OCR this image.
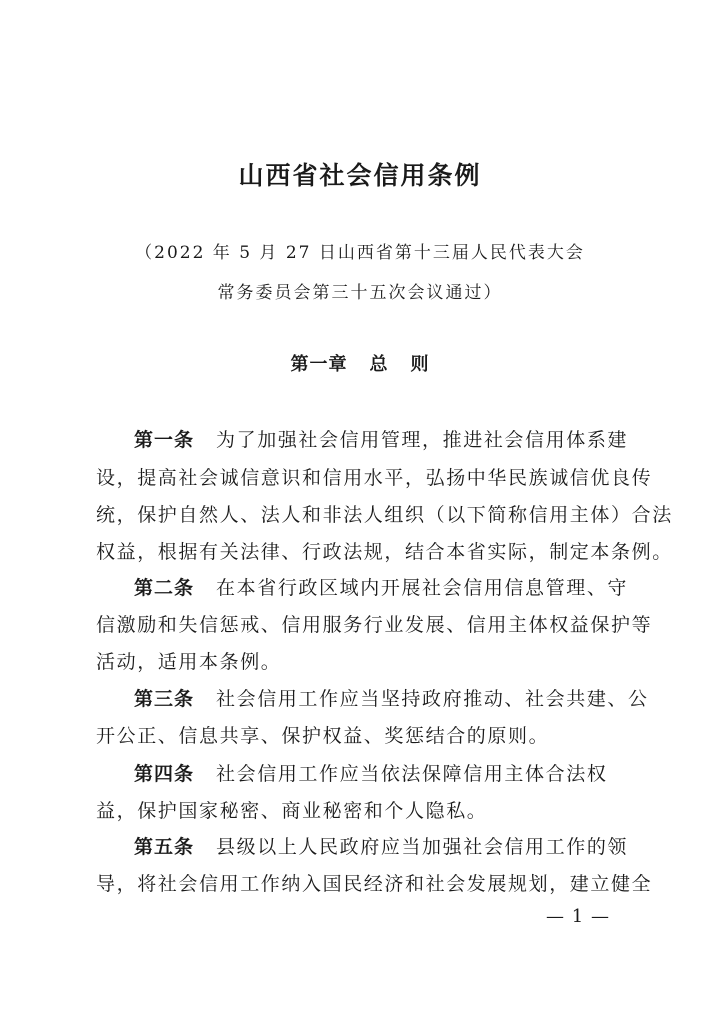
山西省社会信用条例
（2022 年 5 月 27 日山西省第十三届人民代表大会
常务委员会第三十五次会议通过）
第一章 总 则
第一条 为了加强社会信用管理，推进社会信用体系建
设，提高社会诚信意识和信用水平，弘扬中华民族诚信优良传
统，保护自然人、法人和非法人组织（以下简称信用主体）合法
权益，根据有关法律、行政法规，结合本省实际，制定本条例。
第二条 在本省行政区域内开展社会信用信息管理、守
信激励和失信惩戒、信用服务行业发展、信用主体权益保护等
活动，适用本条例。
第三条 社会信用工作应当坚持政府推动、社会共建、公
开公正、信息共享、保护权益、奖惩结合的原则。
第四条 社会信用工作应当依法保障信用主体合法权
益，保护国家秘密、商业秘密和个人隐私。
第五条 县级以上人民政府应当加强社会信用工作的领
导，将社会信用工作纳入国民经济和社会发展规划，建立健全
— 1 —
